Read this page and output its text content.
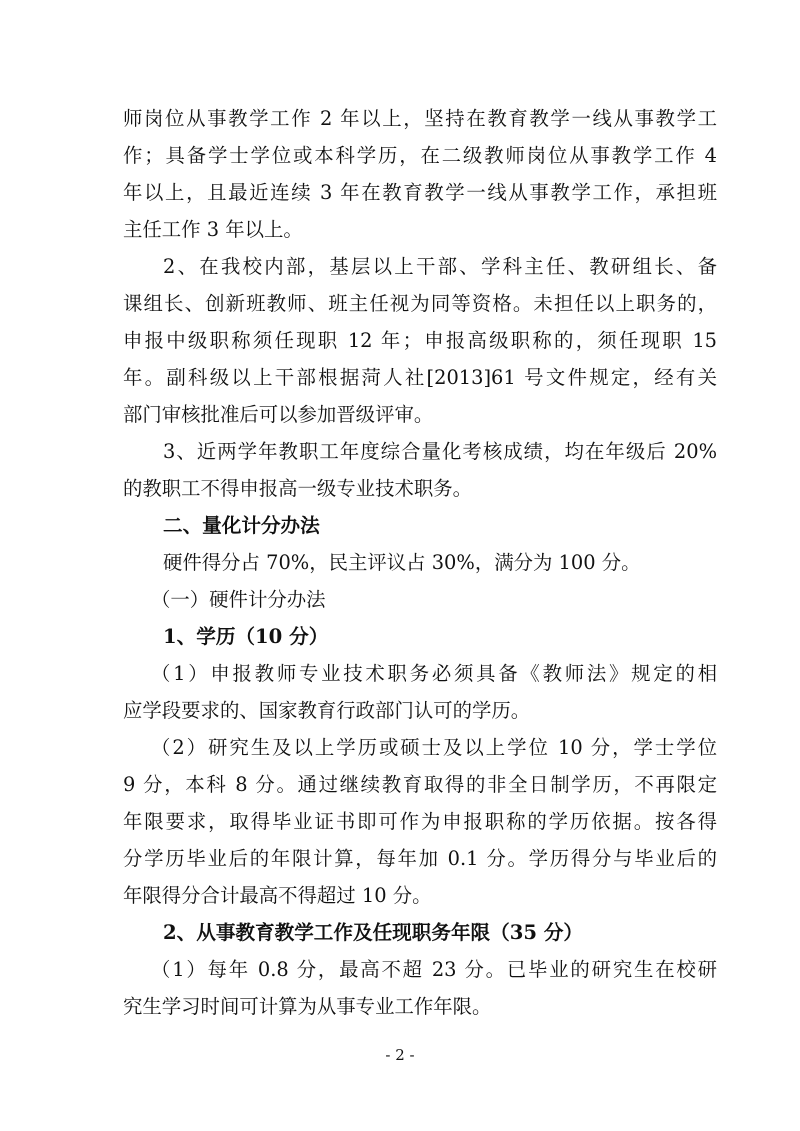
师岗位从事教学工作 2 年以上，坚持在教育教学一线从事教学工
作；具备学士学位或本科学历，在二级教师岗位从事教学工作 4
年以上，且最近连续 3 年在教育教学一线从事教学工作，承担班
主任工作 3 年以上。
2、在我校内部，基层以上干部、学科主任、教研组长、备
课组长、创新班教师、班主任视为同等资格。未担任以上职务的，
申报中级职称须任现职 12 年；申报高级职称的，须任现职 15
年。副科级以上干部根据菏人社[2013]61 号文件规定，经有关
部门审核批准后可以参加晋级评审。
3、近两学年教职工年度综合量化考核成绩，均在年级后 20%
的教职工不得申报高一级专业技术职务。
二、量化计分办法
硬件得分占 70%，民主评议占 30%，满分为 100 分。
（一）硬件计分办法
1、学历（10 分）
（1）申报教师专业技术职务必须具备《教师法》规定的相
应学段要求的、国家教育行政部门认可的学历。
（2）研究生及以上学历或硕士及以上学位 10 分，学士学位
9 分，本科 8 分。通过继续教育取得的非全日制学历，不再限定
年限要求，取得毕业证书即可作为申报职称的学历依据。按各得
分学历毕业后的年限计算，每年加 0.1 分。学历得分与毕业后的
年限得分合计最高不得超过 10 分。
2、从事教育教学工作及任现职务年限（35 分）
（1）每年 0.8 分，最高不超 23 分。已毕业的研究生在校研
究生学习时间可计算为从事专业工作年限。
- 2 -
